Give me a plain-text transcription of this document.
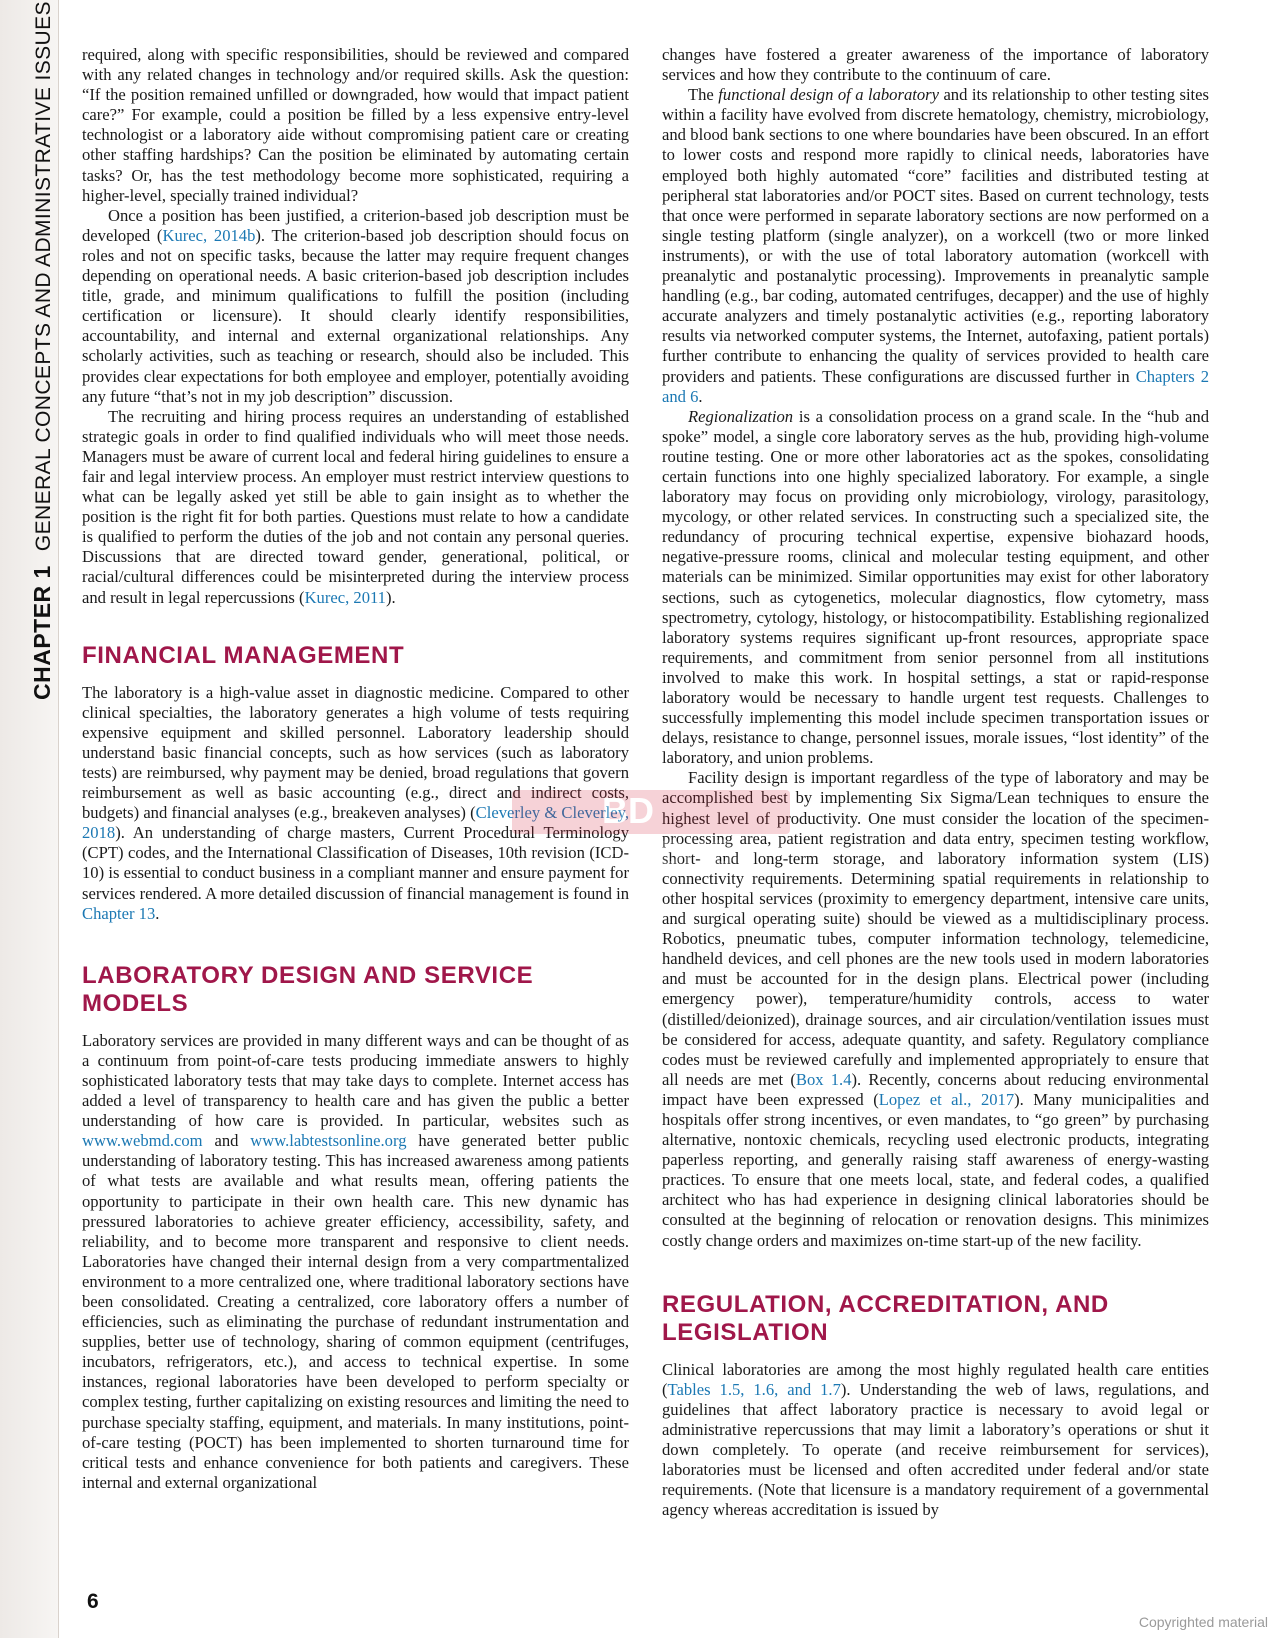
CHAPTER 1
GENERAL CONCEPTS AND ADMINISTRATIVE ISSUES required, along with specific responsibilities, should be reviewed and compared with any related changes in technology and/or required skills. Ask the question: “If the position remained unfilled or downgraded, how would that impact patient care?” For example, could a position be filled by a less expensive entry-level technologist or a laboratory aide without compromising patient care or creating other staffing hardships? Can the position be eliminated by automating certain tasks? Or, has the test methodology become more sophisticated, requiring a higher-level, specially trained individual?

Once a position has been justified, a criterion-based job description must be developed (Kurec, 2014b). The criterion-based job description should focus on roles and not on specific tasks, because the latter may require frequent changes depending on operational needs. A basic criterion-based job description includes title, grade, and minimum qualifications to fulfill the position (including certification or licensure). It should clearly identify responsibilities, accountability, and internal and external organizational relationships. Any scholarly activities, such as teaching or research, should also be included. This provides clear expectations for both employee and employer, potentially avoiding any future “that’s not in my job description” discussion.

The recruiting and hiring process requires an understanding of established strategic goals in order to find qualified individuals who will meet those needs. Managers must be aware of current local and federal hiring guidelines to ensure a fair and legal interview process. An employer must restrict interview questions to what can be legally asked yet still be able to gain insight as to whether the position is the right fit for both parties. Questions must relate to how a candidate is qualified to perform the duties of the job and not contain any personal queries. Discussions that are directed toward gender, generational, political, or racial/cultural differences could be misinterpreted during the interview process and result in legal repercussions (Kurec, 2011).

FINANCIAL MANAGEMENT

The laboratory is a high-value asset in diagnostic medicine. Compared to other clinical specialties, the laboratory generates a high volume of tests requiring expensive equipment and skilled personnel. Laboratory leadership should understand basic financial concepts, such as how services (such as laboratory tests) are reimbursed, why payment may be denied, broad regulations that govern reimbursement as well as basic accounting (e.g., direct and indirect costs, budgets) and financial analyses (e.g., breakeven analyses) (Cleverley & Cleverley, 2018). An understanding of charge masters, Current Procedural Terminology (CPT) codes, and the International Classification of Diseases, 10th revision (ICD-10) is essential to conduct business in a compliant manner and ensure payment for services rendered. A more detailed discussion of financial management is found in Chapter 13.

LABORATORY DESIGN AND SERVICE MODELS

Laboratory services are provided in many different ways and can be thought of as a continuum from point-of-care tests producing immediate answers to highly sophisticated laboratory tests that may take days to complete. Internet access has added a level of transparency to health care and has given the public a better understanding of how care is provided. In particular, websites such as www.webmd.com and www.labtestsonline.org have generated better public understanding of laboratory testing. This has increased awareness among patients of what tests are available and what results mean, offering patients the opportunity to participate in their own health care. This new dynamic has pressured laboratories to achieve greater efficiency, accessibility, safety, and reliability, and to become more transparent and responsive to client needs. Laboratories have changed their internal design from a very compartmentalized environment to a more centralized one, where traditional laboratory sections have been consolidated. Creating a centralized, core laboratory offers a number of efficiencies, such as eliminating the purchase of redundant instrumentation and supplies, better use of technology, sharing of common equipment (centrifuges, incubators, refrigerators, etc.), and access to technical expertise. In some instances, regional laboratories have been developed to perform specialty or complex testing, further capitalizing on existing resources and limiting the need to purchase specialty staffing, equipment, and materials. In many institutions, point-of-care testing (POCT) has been implemented to shorten turnaround time for critical tests and enhance convenience for both patients and caregivers. These internal and external organizational

changes have fostered a greater awareness of the importance of laboratory services and how they contribute to the continuum of care.

The functional design of a laboratory and its relationship to other testing sites within a facility have evolved from discrete hematology, chemistry, microbiology, and blood bank sections to one where boundaries have been obscured. In an effort to lower costs and respond more rapidly to clinical needs, laboratories have employed both highly automated “core” facilities and distributed testing at peripheral stat laboratories and/or POCT sites. Based on current technology, tests that once were performed in separate laboratory sections are now performed on a single testing platform (single analyzer), on a workcell (two or more linked instruments), or with the use of total laboratory automation (workcell with preanalytic and postanalytic processing). Improvements in preanalytic sample handling (e.g., bar coding, automated centrifuges, decapper) and the use of highly accurate analyzers and timely postanalytic activities (e.g., reporting laboratory results via networked computer systems, the Internet, autofaxing, patient portals) further contribute to enhancing the quality of services provided to health care providers and patients. These configurations are discussed further in Chapters 2 and 6.

Regionalization is a consolidation process on a grand scale. In the “hub and spoke” model, a single core laboratory serves as the hub, providing high-volume routine testing. One or more other laboratories act as the spokes, consolidating certain functions into one highly specialized laboratory. For example, a single laboratory may focus on providing only microbiology, virology, parasitology, mycology, or other related services. In constructing such a specialized site, the redundancy of procuring technical expertise, expensive biohazard hoods, negative-pressure rooms, clinical and molecular testing equipment, and other materials can be minimized. Similar opportunities may exist for other laboratory sections, such as cytogenetics, molecular diagnostics, flow cytometry, mass spectrometry, cytology, histology, or histocompatibility. Establishing regionalized laboratory systems requires significant up-front resources, appropriate space requirements, and commitment from senior personnel from all institutions involved to make this work. In hospital settings, a stat or rapid-response laboratory would be necessary to handle urgent test requests. Challenges to successfully implementing this model include specimen transportation issues or delays, resistance to change, personnel issues, morale issues, “lost identity” of the laboratory, and union problems.

Facility design is important regardless of the type of laboratory and may be accomplished best by implementing Six Sigma/Lean techniques to ensure the highest level of productivity. One must consider the location of the specimen-processing area, patient registration and data entry, specimen testing workflow, short- and long-term storage, and laboratory information system (LIS) connectivity requirements. Determining spatial requirements in relationship to other hospital services (proximity to emergency department, intensive care units, and surgical operating suite) should be viewed as a multidisciplinary process. Robotics, pneumatic tubes, computer information technology, telemedicine, handheld devices, and cell phones are the new tools used in modern laboratories and must be accounted for in the design plans. Electrical power (including emergency power), temperature/humidity controls, access to water (distilled/deionized), drainage sources, and air circulation/ventilation issues must be considered for access, adequate quantity, and safety. Regulatory compliance codes must be reviewed carefully and implemented appropriately to ensure that all needs are met (Box 1.4). Recently, concerns about reducing environmental impact have been expressed (Lopez et al., 2017). Many municipalities and hospitals offer strong incentives, or even mandates, to “go green” by purchasing alternative, nontoxic chemicals, recycling used electronic products, integrating paperless reporting, and generally raising staff awareness of energy-wasting practices. To ensure that one meets local, state, and federal codes, a qualified architect who has had experience in designing clinical laboratories should be consulted at the beginning of relocation or renovation designs. This minimizes costly change orders and maximizes on-time start-up of the new facility.

REGULATION, ACCREDITATION, AND LEGISLATION

Clinical laboratories are among the most highly regulated health care entities (Tables 1.5, 1.6, and 1.7). Understanding the web of laws, regulations, and guidelines that affect laboratory practice is necessary to avoid legal or administrative repercussions that may limit a laboratory’s operations or shut it down completely. To operate (and receive reimbursement for services), laboratories must be licensed and often accredited under federal and/or state requirements. (Note that licensure is a mandatory requirement of a governmental agency whereas accreditation is issued by

BD BOOKS
6
Copyrighted material
